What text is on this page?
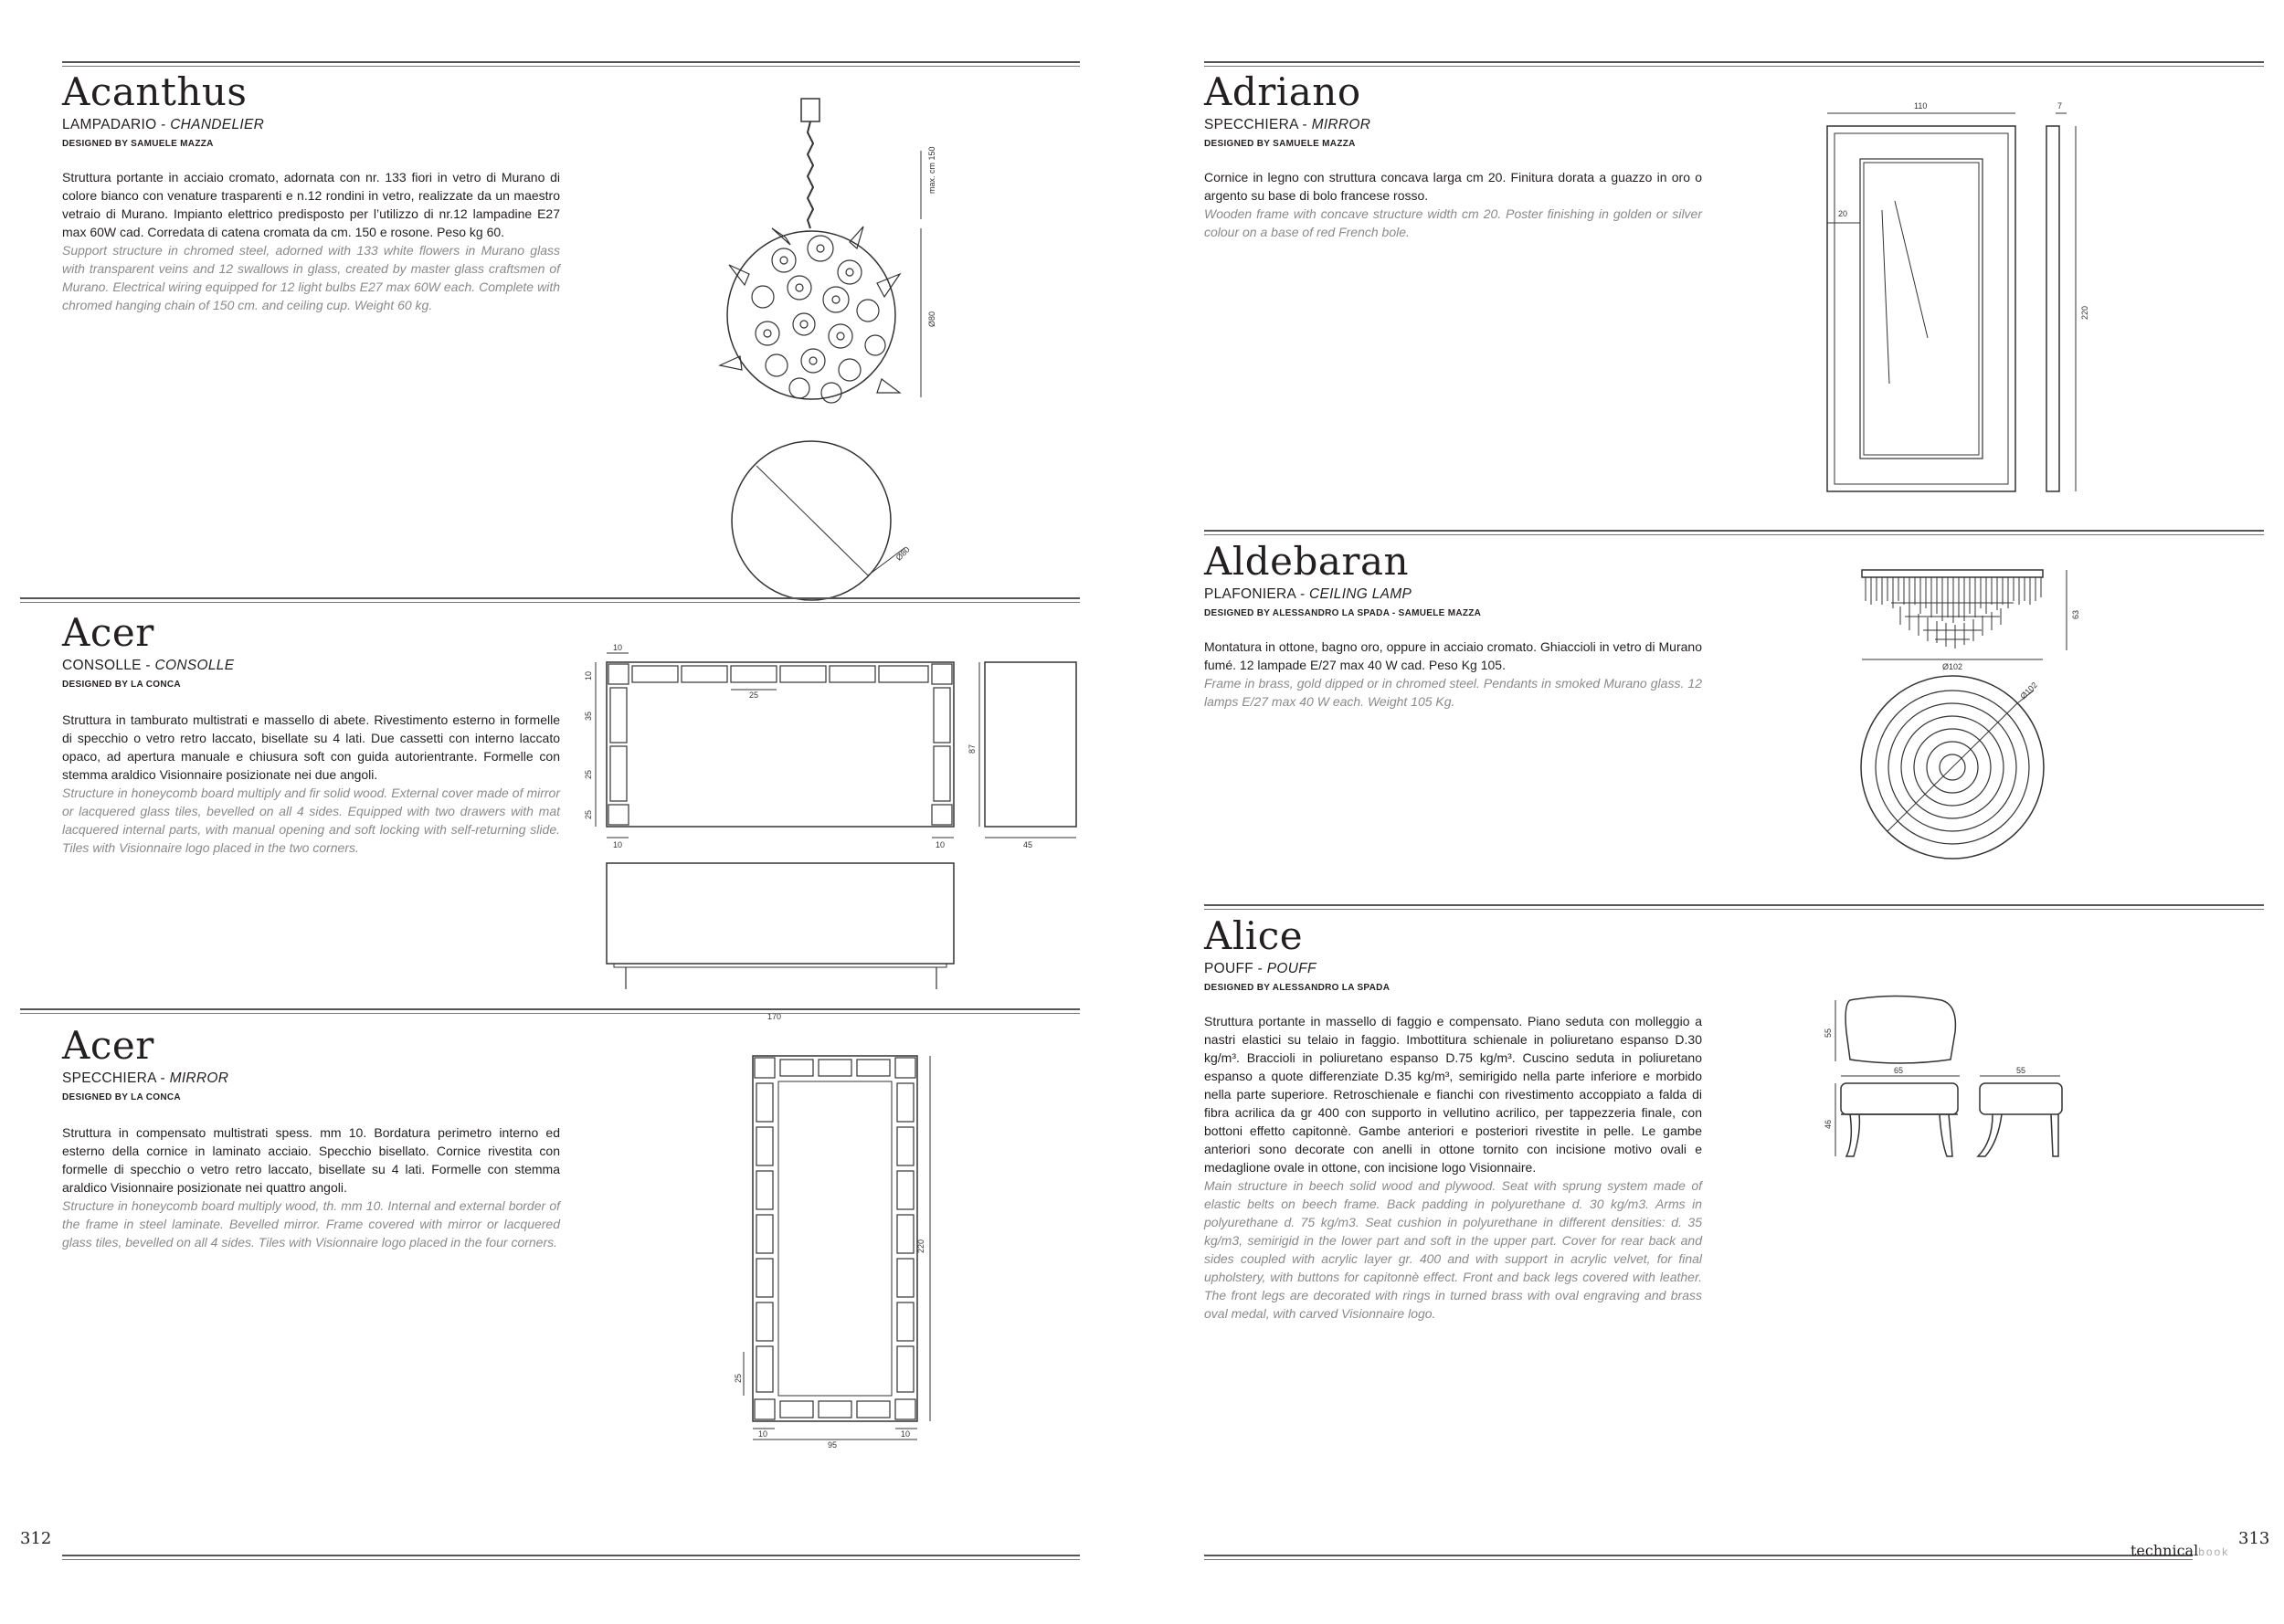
Acanthus
LAMPADARIO - CHANDELIER
DESIGNED BY SAMUELE MAZZA

Struttura portante in acciaio cromato, adornata con nr. 133 fiori in vetro di Murano di colore bianco con venature trasparenti e n.12 rondini in vetro, realizzate da un maestro vetraio di Murano. Impianto elettrico predisposto per l’utilizzo di nr.12 lampadine E27 max 60W cad. Corredata di catena cromata da cm. 150 e rosone. Peso kg 60.

Support structure in chromed steel, adorned with 133 white flowers in Murano glass with transparent veins and 12 swallows in glass, created by master glass craftsmen of Murano. Electrical wiring equipped for 12 light bulbs E27 max 60W each. Complete with chromed hanging chain of 150 cm. and ceiling cup. Weight 60 kg.

max. cm 150
Ø80
Ø80
Acer
CONSOLLE - CONSOLLE
DESIGNED BY LA CONCA

Struttura in tamburato multistrati e massello di abete. Rivestimento esterno in formelle di specchio o vetro retro laccato, bisellate su 4 lati. Due cassetti con interno laccato opaco, ad apertura manuale e chiusura soft con guida autorientrante. Formelle con stemma araldico Visionnaire posizionate nei due angoli.

Structure in honeycomb board multiply and fir solid wood. External cover made of mirror or lacquered glass tiles, bevelled on all 4 sides. Equipped with two drawers with mat lacquered internal parts, with manual opening and soft locking with self-returning slide. Tiles with Visionnaire logo placed in the two corners.

10
10
35
25
25
25
10	10
87
45
170
Acer
SPECCHIERA - MIRROR
DESIGNED BY LA CONCA

Struttura in compensato multistrati spess. mm 10. Bordatura perimetro interno ed esterno della cornice in laminato acciaio. Specchio bisellato. Cornice rivestita con formelle di specchio o vetro retro laccato, bisellate su 4 lati. Formelle con stemma araldico Visionnaire posizionate nei quattro angoli.

Structure in honeycomb board multiply wood, th. mm 10. Internal and external border of the frame in steel laminate. Bevelled mirror. Frame covered with mirror or lacquered glass tiles, bevelled on all 4 sides. Tiles with Visionnaire logo placed in the four corners.	220
25
10	10
95
312
Adriano
SPECCHIERA - MIRROR
DESIGNED BY SAMUELE MAZZA

Cornice in legno con struttura concava larga cm 20. Finitura dorata a guazzo in oro o argento su base di bolo francese rosso.

Wooden frame with concave structure width cm 20. Poster finishing in golden or silver colour on a base of red French bole.

110	7
20
220
Aldebaran
PLAFONIERA - CEILING LAMP
DESIGNED BY ALESSANDRO LA SPADA - SAMUELE MAZZA

Montatura in ottone, bagno oro, oppure in acciaio cromato. Ghiaccioli in vetro di Murano fumé. 12 lampade E/27 max 40 W cad. Peso Kg 105.

Frame in brass, gold dipped or in chromed steel. Pendants in smoked Murano glass. 12 lamps E/27 max 40 W each. Weight 105 Kg.

63
Ø102
Ø102
Alice
POUFF - POUFF
DESIGNED BY ALESSANDRO LA SPADA

Struttura portante in massello di faggio e compensato. Piano seduta con molleggio a nastri elastici su telaio in faggio. Imbottitura schienale in poliuretano espanso D.30 kg/m³. Braccioli in poliuretano espanso D.75 kg/m³. Cuscino seduta in poliuretano espanso a quote differenziate D.35 kg/m³, semirigido nella parte inferiore e morbido nella parte superiore. Retroschienale e fianchi con rivestimento accoppiato a falda di fibra acrilica da gr 400 con supporto in vellutino acrilico, per tappezzeria finale, con bottoni effetto capitonnè. Gambe anteriori e posteriori rivestite in pelle. Le gambe anteriori sono decorate con anelli in ottone tornito con incisione motivo ovali e medaglione ovale in ottone, con incisione logo Visionnaire.

Main structure in beech solid wood and plywood. Seat with sprung system made of elastic belts on beech frame. Back padding in polyurethane d. 30 kg/m3. Arms in polyurethane d. 75 kg/m3. Seat cushion in polyurethane in different densities: d. 35 kg/m3, semirigid in the lower part and soft in the upper part. Cover for rear back and sides coupled with acrylic layer gr. 400 and with support in acrylic velvet, for final upholstery, with buttons for capitonnè effect. Front and back legs covered with leather. The front legs are decorated with rings in turned brass with oval engraving and brass oval medal, with carved Visionnaire logo.

55
65
46
55
313
technicalbook
